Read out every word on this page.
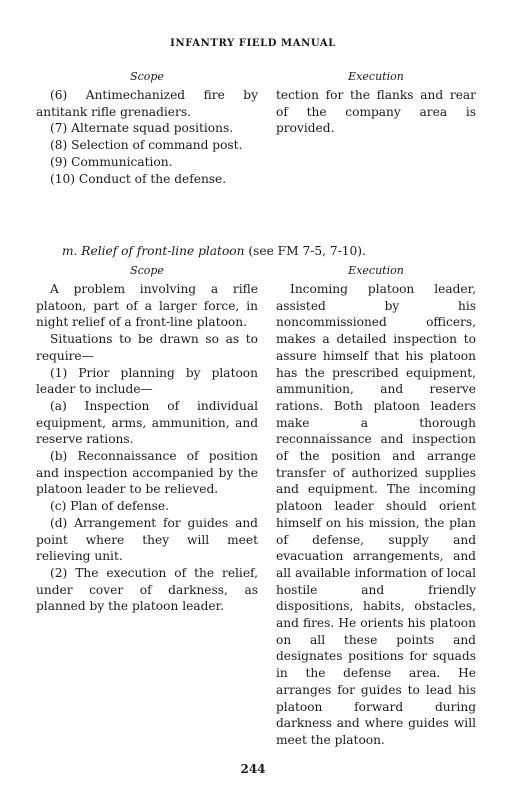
INFANTRY FIELD MANUAL
Scope

(6) Antimechanized fire by antitank rifle grenadiers.

(7) Alternate squad positions.

(8) Selection of command post.

(9) Communication.

(10) Conduct of the defense.

Execution

tection for the flanks and rear of the company area is provided.

m. Relief of front-line platoon (see FM 7-5, 7-10).
Scope

A problem involving a rifle platoon, part of a larger force, in night relief of a front-line platoon.

Situations to be drawn so as to require—

(1) Prior planning by platoon leader to include—

(a) Inspection of individual equipment, arms, ammunition, and reserve rations.

(b) Reconnaissance of position and inspection accompanied by the platoon leader to be relieved.

(c) Plan of defense.

(d) Arrangement for guides and point where they will meet relieving unit.

(2) The execution of the relief, under cover of darkness, as planned by the platoon leader.

Execution

Incoming platoon leader, assisted by his noncommissioned officers, makes a detailed inspection to assure himself that his platoon has the prescribed equipment, ammunition, and reserve rations. Both platoon leaders make a thorough reconnaissance and inspection of the position and arrange transfer of authorized supplies and equipment. The incoming platoon leader should orient himself on his mission, the plan of defense, supply and evacuation arrangements, and all available information of local hostile and friendly dispositions, habits, obstacles, and fires. He orients his platoon on all these points and designates positions for squads in the defense area. He arranges for guides to lead his platoon forward during darkness and where guides will meet the platoon.

244
